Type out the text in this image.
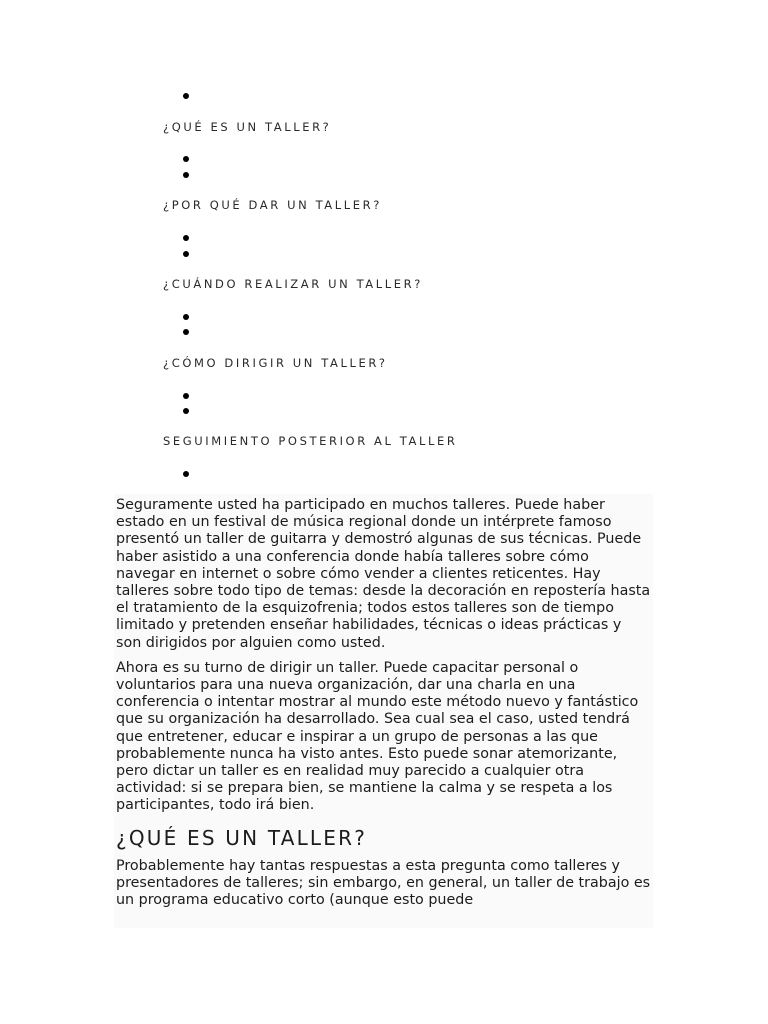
¿QUÉ ES UN TALLER?
¿POR QUÉ DAR UN TALLER?
¿CUÁNDO REALIZAR UN TALLER?
¿CÓMO DIRIGIR UN TALLER?
SEGUIMIENTO POSTERIOR AL TALLER

Seguramente usted ha participado en muchos talleres. Puede haber estado en un festival de música regional donde un intérprete famoso presentó un taller de guitarra y demostró algunas de sus técnicas. Puede haber asistido a una conferencia donde había talleres sobre cómo navegar en internet o sobre cómo vender a clientes reticentes. Hay talleres sobre todo tipo de temas: desde la decoración en repostería hasta el tratamiento de la esquizofrenia; todos estos talleres son de tiempo limitado y pretenden enseñar habilidades, técnicas o ideas prácticas y son dirigidos por alguien como usted.

Ahora es su turno de dirigir un taller. Puede capacitar personal o voluntarios para una nueva organización, dar una charla en una conferencia o intentar mostrar al mundo este método nuevo y fantástico que su organización ha desarrollado. Sea cual sea el caso, usted tendrá que entretener, educar e inspirar a un grupo de personas a las que probablemente nunca ha visto antes. Esto puede sonar atemorizante, pero dictar un taller es en realidad muy parecido a cualquier otra actividad: si se prepara bien, se mantiene la calma y se respeta a los participantes, todo irá bien.

¿QUÉ ES UN TALLER?

Probablemente hay tantas respuestas a esta pregunta como talleres y presentadores de talleres; sin embargo, en general, un taller de trabajo es un programa educativo corto (aunque esto puede
